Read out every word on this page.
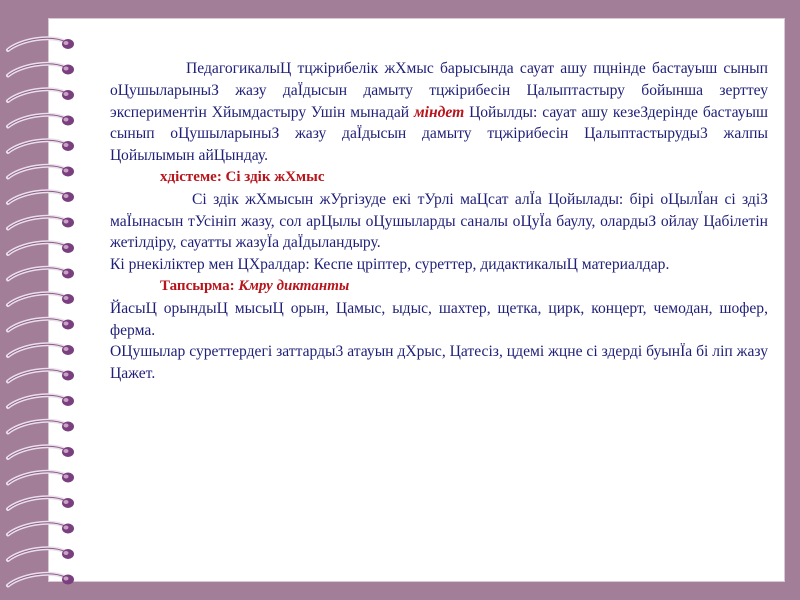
ПедагогикалыЦ тцжірибелік жХмыс барысында сауат ашу пцнінде бастауыш сынып оЦушыларыныЗ жазу даЇдысын дамыту тцжірибесін Цалыптастыру бойынша зерттеу экспериментін Хйымдастыру Ушін мынадай міндет Цойылды: сауат ашу кезеЗдерінде бастауыш сынып оЦушыларыныЗ жазу даЇдысын дамыту тцжірибесін Цалыптастыруды3 жалпы Цойылымын айЦындау.

хдістеме: Сі здік жХмыс

Сі здік жХмысын жУргізуде екі тУрлі маЦсат алЇа Цойылады: бірі оЦылЇан сі здіЗ маЇынасын тУсініп жазу, сол арЦылы оЦушыларды саналы оЦуЇа баулу, олардыЗ ойлау Цабілетін жетілдіру, сауатты жазуЇа даЇдыландыру.

Кі рнекіліктер мен ЦХралдар: Кеспе цріптер, суреттер, дидактикалыЦ материалдар.

Тапсырма: Кмру диктанты

ЙасыЦ орындыЦ мысыЦ орын, Цамыс, ыдыс, шахтер, щетка, цирк, концерт, чемодан, шофер, ферма.

ОЦушылар суреттердегі заттарды3 атауын дХрыс, Цатесіз, цдемі жцне сі здерді буынЇа бі ліп жазу Цажет.
